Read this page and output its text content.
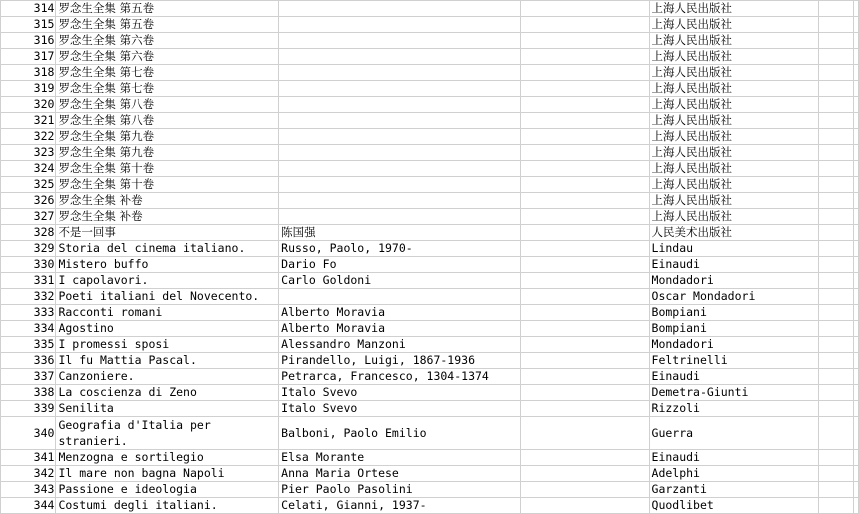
314	罗念生全集 第五卷			上海人民出版社		
315	罗念生全集 第五卷			上海人民出版社		
316	罗念生全集 第六卷			上海人民出版社		
317	罗念生全集 第六卷			上海人民出版社		
318	罗念生全集 第七卷			上海人民出版社		
319	罗念生全集 第七卷			上海人民出版社		
320	罗念生全集 第八卷			上海人民出版社		
321	罗念生全集 第八卷			上海人民出版社		
322	罗念生全集 第九卷			上海人民出版社		
323	罗念生全集 第九卷			上海人民出版社		
324	罗念生全集 第十卷			上海人民出版社		
325	罗念生全集 第十卷			上海人民出版社		
326	罗念生全集 补卷			上海人民出版社		
327	罗念生全集 补卷			上海人民出版社		
328	不是一回事	陈国强		人民美术出版社		
329	Storia del cinema italiano.	Russo, Paolo, 1970-		Lindau		
330	Mistero buffo	Dario Fo		Einaudi		
331	I capolavori.	Carlo Goldoni		Mondadori		
332	Poeti italiani del Novecento.			Oscar Mondadori		
333	Racconti romani	Alberto Moravia		Bompiani		
334	Agostino	Alberto Moravia		Bompiani		
335	I promessi sposi	Alessandro Manzoni		Mondadori		
336	Il fu Mattia Pascal.	Pirandello, Luigi, 1867-1936		Feltrinelli		
337	Canzoniere.	Petrarca, Francesco, 1304-1374		Einaudi		
338	La coscienza di Zeno	Italo Svevo		Demetra-Giunti		
339	Senilitа	Italo Svevo		Rizzoli		
340	Geografia d'Italia per stranieri.	Balboni, Paolo Emilio		Guerra		
341	Menzogna e sortilegio	Elsa Morante		Einaudi		
342	Il mare non bagna Napoli	Anna Maria Ortese		Adelphi		
343	Passione e ideologia	Pier Paolo Pasolini		Garzanti		
344	Costumi degli italiani.	Celati, Gianni, 1937-		Quodlibet		
